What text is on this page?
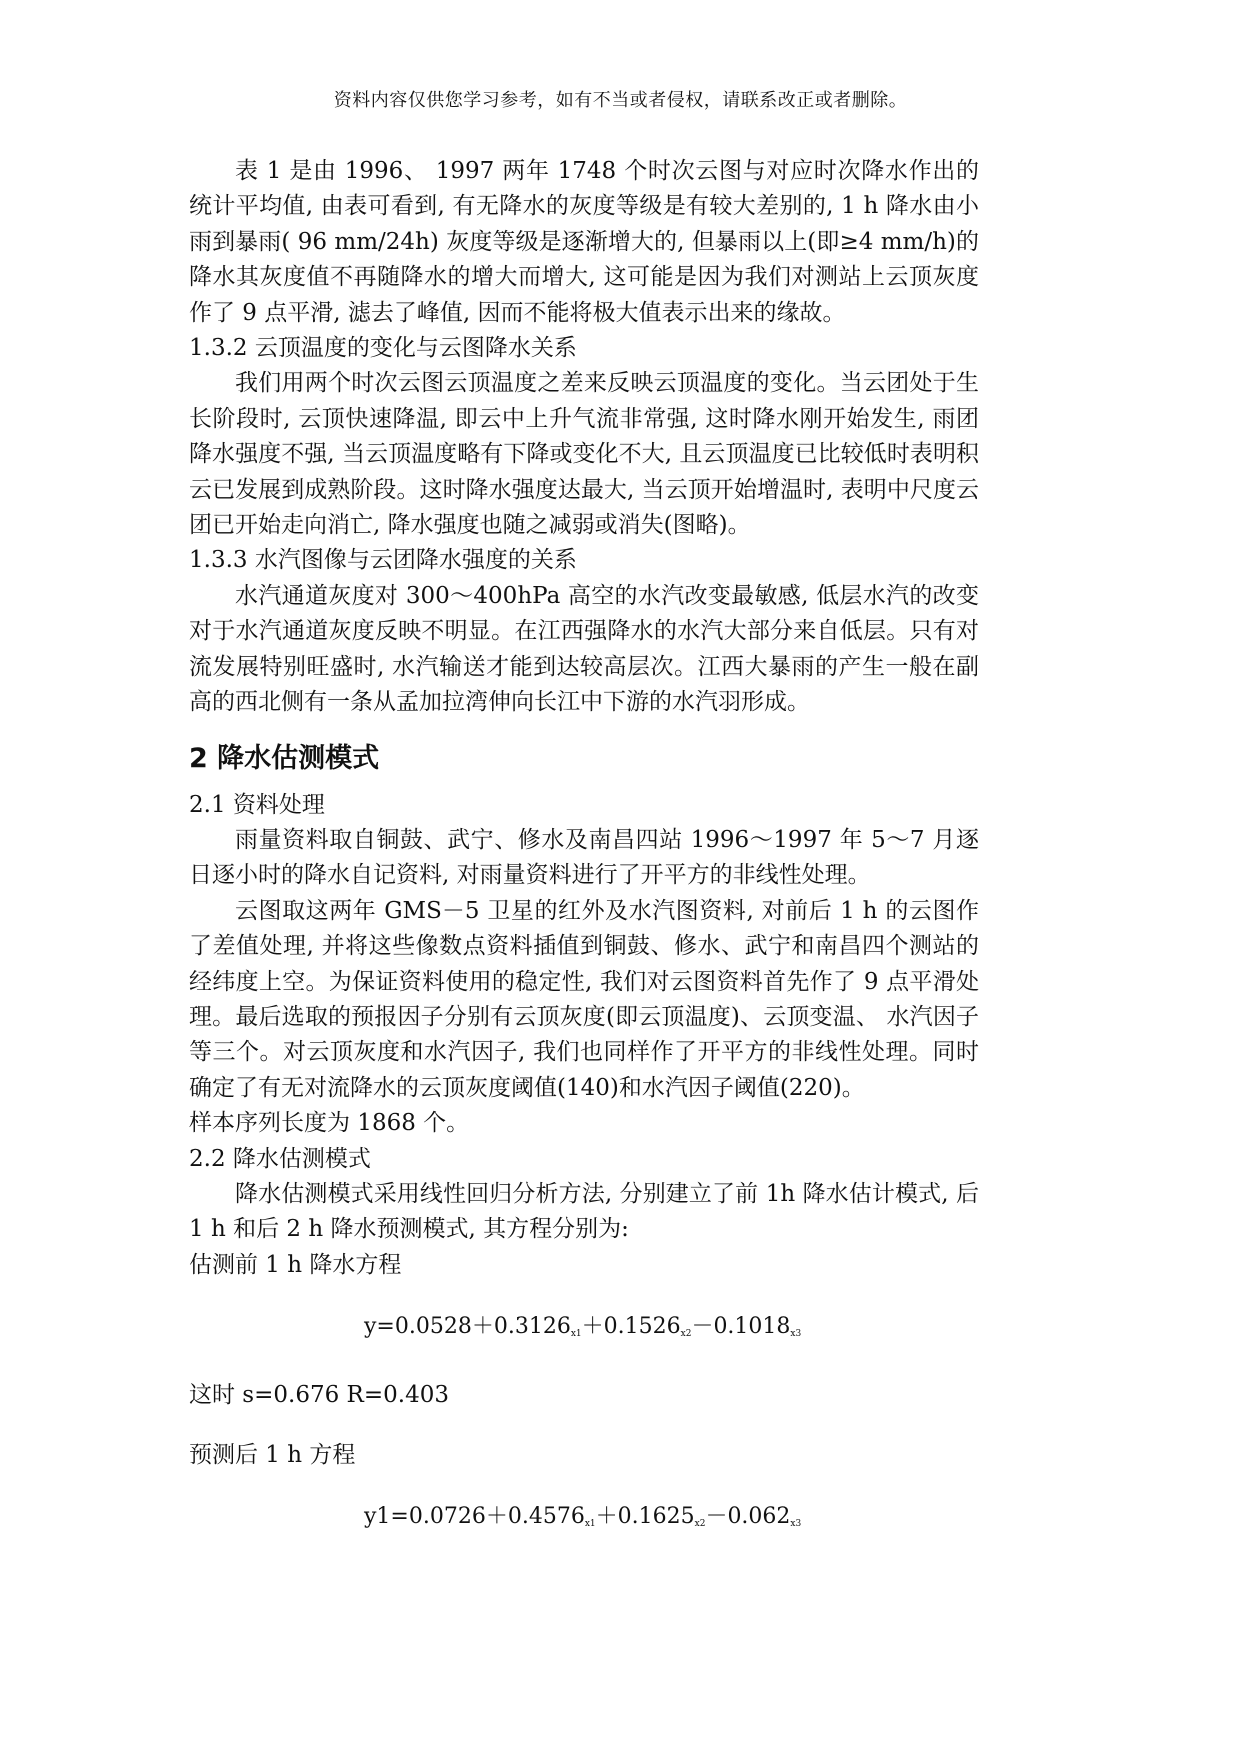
资料内容仅供您学习参考，如有不当或者侵权，请联系改正或者删除。

表 1 是由 1996、 1997 两年 1748 个时次云图与对应时次降水作出的统计平均值, 由表可看到, 有无降水的灰度等级是有较大差别的, 1 h 降水由小雨到暴雨( 96 mm/24h) 灰度等级是逐渐增大的, 但暴雨以上(即≥4 mm/h)的降水其灰度值不再随降水的增大而增大, 这可能是因为我们对测站上云顶灰度作了 9 点平滑, 滤去了峰值, 因而不能将极大值表示出来的缘故。

1.3.2 云顶温度的变化与云图降水关系

我们用两个时次云图云顶温度之差来反映云顶温度的变化。当云团处于生长阶段时, 云顶快速降温, 即云中上升气流非常强, 这时降水刚开始发生, 雨团降水强度不强, 当云顶温度略有下降或变化不大, 且云顶温度已比较低时表明积云已发展到成熟阶段。这时降水强度达最大, 当云顶开始增温时, 表明中尺度云团已开始走向消亡, 降水强度也随之减弱或消失(图略)。

1.3.3 水汽图像与云团降水强度的关系

水汽通道灰度对 300～400hPa 高空的水汽改变最敏感, 低层水汽的改变对于水汽通道灰度反映不明显。在江西强降水的水汽大部分来自低层。只有对流发展特别旺盛时, 水汽输送才能到达较高层次。江西大暴雨的产生一般在副高的西北侧有一条从孟加拉湾伸向长江中下游的水汽羽形成。

2 降水估测模式

2.1 资料处理

雨量资料取自铜鼓、武宁、修水及南昌四站 1996～1997 年 5～7 月逐日逐小时的降水自记资料, 对雨量资料进行了开平方的非线性处理。

云图取这两年 GMS－5 卫星的红外及水汽图资料, 对前后 1 h 的云图作了差值处理, 并将这些像数点资料插值到铜鼓、修水、武宁和南昌四个测站的经纬度上空。为保证资料使用的稳定性, 我们对云图资料首先作了 9 点平滑处理。最后选取的预报因子分别有云顶灰度(即云顶温度)、云顶变温、 水汽因子等三个。对云顶灰度和水汽因子, 我们也同样作了开平方的非线性处理。同时确定了有无对流降水的云顶灰度阈值(140)和水汽因子阈值(220)。

样本序列长度为 1868 个。

2.2 降水估测模式

降水估测模式采用线性回归分析方法, 分别建立了前 1h 降水估计模式, 后 1 h 和后 2 h 降水预测模式, 其方程分别为:

估测前 1 h 降水方程

$y=0.0528+0.3126_{x1}+0.1526_{x2}-0.1018_{x3}$

这时 s=0.676 R=0.403

预测后 1 h 方程

$y1=0.0726+0.4576_{x1}+0.1625_{x2}-0.062_{x3}$
